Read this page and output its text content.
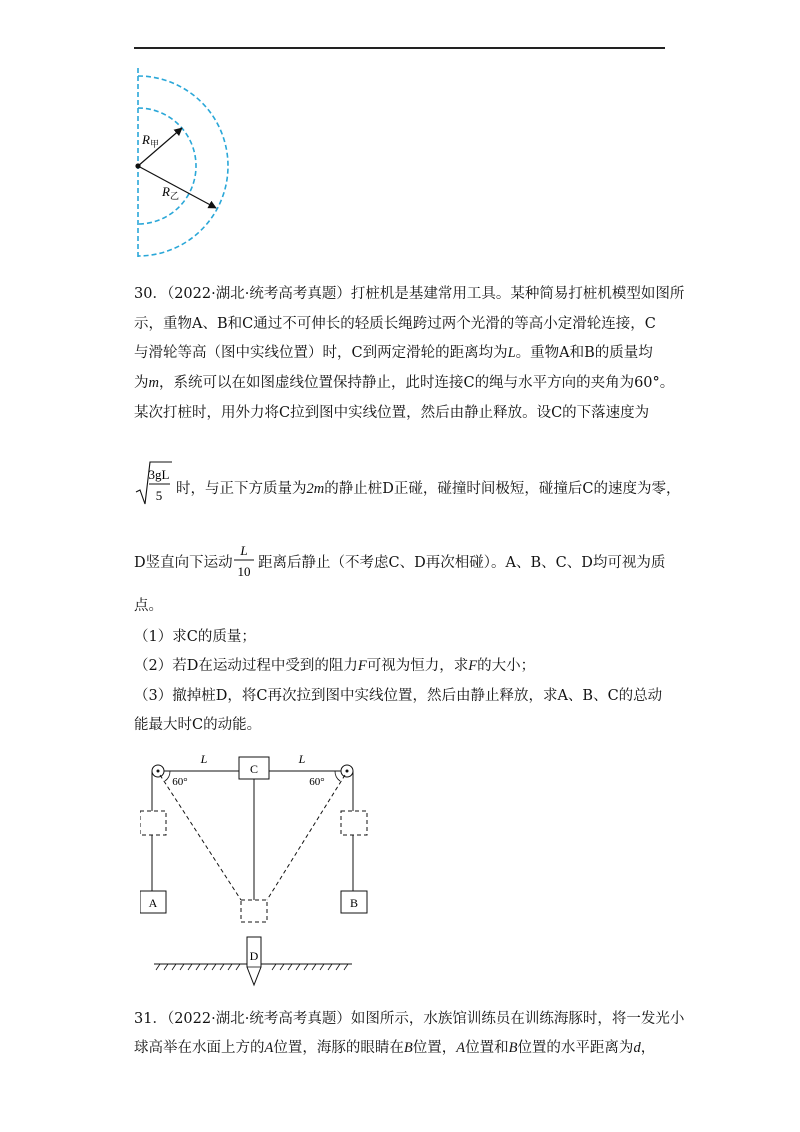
$R_甲$
$R_乙$
30．（2022·湖北·统考高考真题）打桩机是基建常用工具。某种简易打桩机模型如图所
示，重物A、B和C通过不可伸长的轻质长绳跨过两个光滑的等高小定滑轮连接，C
与滑轮等高（图中实线位置）时，C到两定滑轮的距离均为L。重物A和B的质量均
为m，系统可以在如图虚线位置保持静止，此时连接C的绳与水平方向的夹角为60°。
某次打桩时，用外力将C拉到图中实线位置，然后由静止释放。设C的下落速度为
3gL
5 时，与正下方质量为2m的静止桩D正碰，碰撞时间极短，碰撞后C的速度为零，
D竖直向下运动
L
10
距离后静止（不考虑C、D再次相碰）。A、B、C、D均可视为质
点。
（1）求C的质量；
（2）若D在运动过程中受到的阻力F可视为恒力，求F的大小；
（3）撤掉桩D，将C再次拉到图中实线位置，然后由静止释放，求A、B、C的总动
能最大时C的动能。
C
A	B
L	L
60°	60°
D
31．（2022·湖北·统考高考真题）如图所示，水族馆训练员在训练海豚时，将一发光小
球高举在水面上方的A位置，海豚的眼睛在B位置，A位置和B位置的水平距离为d，
